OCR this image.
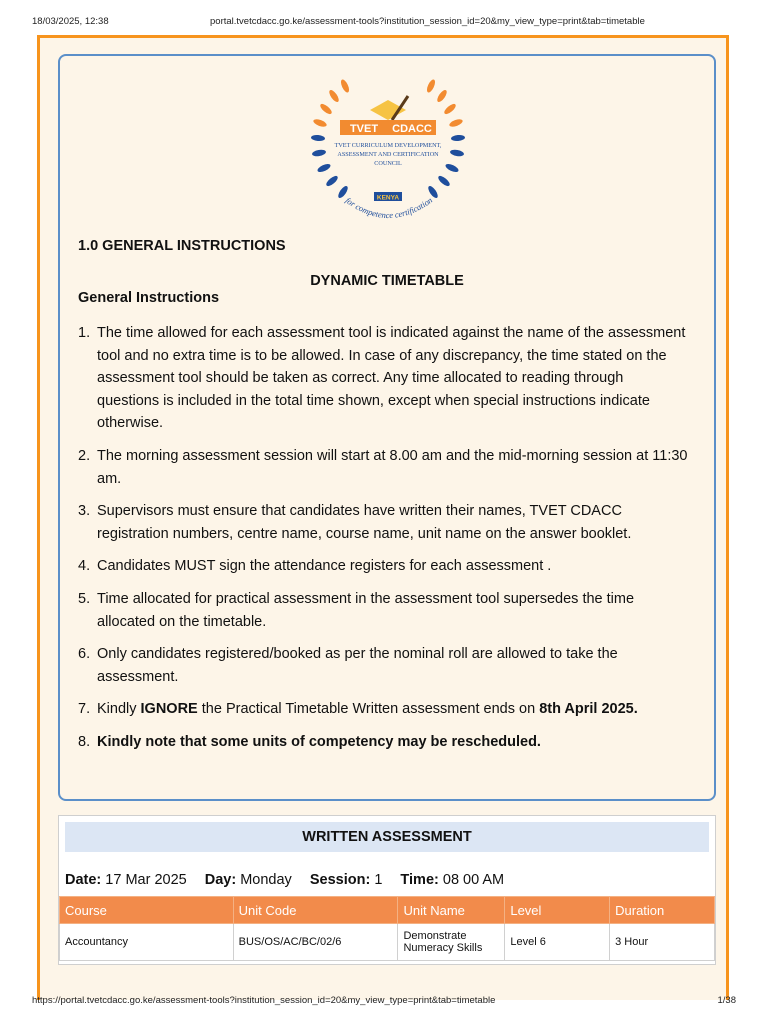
18/03/2025, 12:38	portal.tvetcdacc.go.ke/assessment-tools?institution_session_id=20&my_view_type=print&tab=timetable
TVET CDACC
TVET CURRICULUM DEVELOPMENT,
ASSESSMENT AND CERTIFICATION
COUNCIL
KENYA
for competence certification
1.0 GENERAL INSTRUCTIONS
DYNAMIC TIMETABLE
General Instructions
1. The time allowed for each assessment tool is indicated against the name of the assessment tool and no extra time is to be allowed. In case of any discrepancy, the time stated on the assessment tool should be taken as correct. Any time allocated to reading through questions is included in the total time shown, except when special instructions indicate otherwise.
2. The morning assessment session will start at 8.00 am and the mid-morning session at 11:30 am.
3. Supervisors must ensure that candidates have written their names, TVET CDACC registration numbers, centre name, course name, unit name on the answer booklet.
4. Candidates MUST sign the attendance registers for each assessment .
5. Time allocated for practical assessment in the assessment tool supersedes the time allocated on the timetable.
6. Only candidates registered/booked as per the nominal roll are allowed to take the assessment.
7. Kindly IGNORE the Practical Timetable Written assessment ends on 8th April 2025.
8. Kindly note that some units of competency may be rescheduled.
WRITTEN ASSESSMENT
Date: 17 Mar 2025 Day: Monday Session: 1 Time: 08 00 AM
Course	Unit Code	Unit Name	Level	Duration
Accountancy	BUS/OS/AC/BC/02/6	Demonstrate Numeracy Skills	Level 6	3 Hour
https://portal.tvetcdacc.go.ke/assessment-tools?institution_session_id=20&my_view_type=print&tab=timetable	1/38
